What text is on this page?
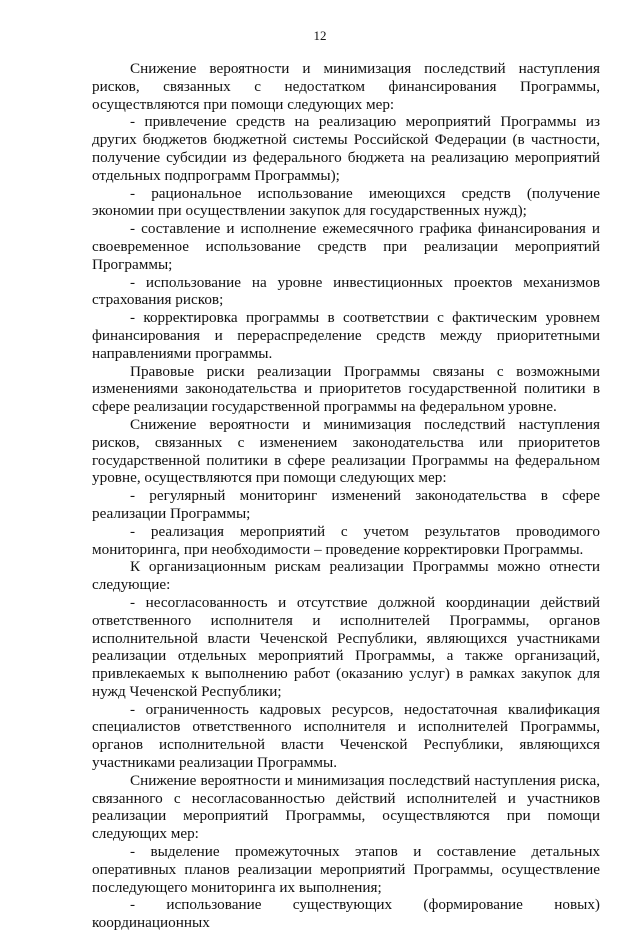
12

Снижение вероятности и минимизация последствий наступления рисков, связанных с недостатком финансирования Программы, осуществляются при помощи следующих мер:

- привлечение средств на реализацию мероприятий Программы из других бюджетов бюджетной системы Российской Федерации (в частности, получение субсидии из федерального бюджета на реализацию мероприятий отдельных подпрограмм Программы);

- рациональное использование имеющихся средств (получение экономии при осуществлении закупок для государственных нужд);

- составление и исполнение ежемесячного графика финансирования и своевременное использование средств при реализации мероприятий Программы;

- использование на уровне инвестиционных проектов механизмов страхования рисков;

- корректировка программы в соответствии с фактическим уровнем финансирования и перераспределение средств между приоритетными направлениями программы.

Правовые риски реализации Программы связаны с возможными изменениями законодательства и приоритетов государственной политики в сфере реализации государственной программы на федеральном уровне.

Снижение вероятности и минимизация последствий наступления рисков, связанных с изменением законодательства или приоритетов государственной политики в сфере реализации Программы на федеральном уровне, осуществляются при помощи следующих мер:

- регулярный мониторинг изменений законодательства в сфере реализации Программы;

- реализация мероприятий с учетом результатов проводимого мониторинга, при необходимости – проведение корректировки Программы.

К организационным рискам реализации Программы можно отнести следующие:

- несогласованность и отсутствие должной координации действий ответственного исполнителя и исполнителей Программы, органов исполнительной власти Чеченской Республики, являющихся участниками реализации отдельных мероприятий Программы, а также организаций, привлекаемых к выполнению работ (оказанию услуг) в рамках закупок для нужд Чеченской Республики;

- ограниченность кадровых ресурсов, недостаточная квалификация специалистов ответственного исполнителя и исполнителей Программы, органов исполнительной власти Чеченской Республики, являющихся участниками реализации Программы.

Снижение вероятности и минимизация последствий наступления риска, связанного с несогласованностью действий исполнителей и участников реализации мероприятий Программы, осуществляются при помощи следующих мер:

- выделение промежуточных этапов и составление детальных оперативных планов реализации мероприятий Программы, осуществление последующего мониторинга их выполнения;

- использование существующих (формирование новых) координационных
